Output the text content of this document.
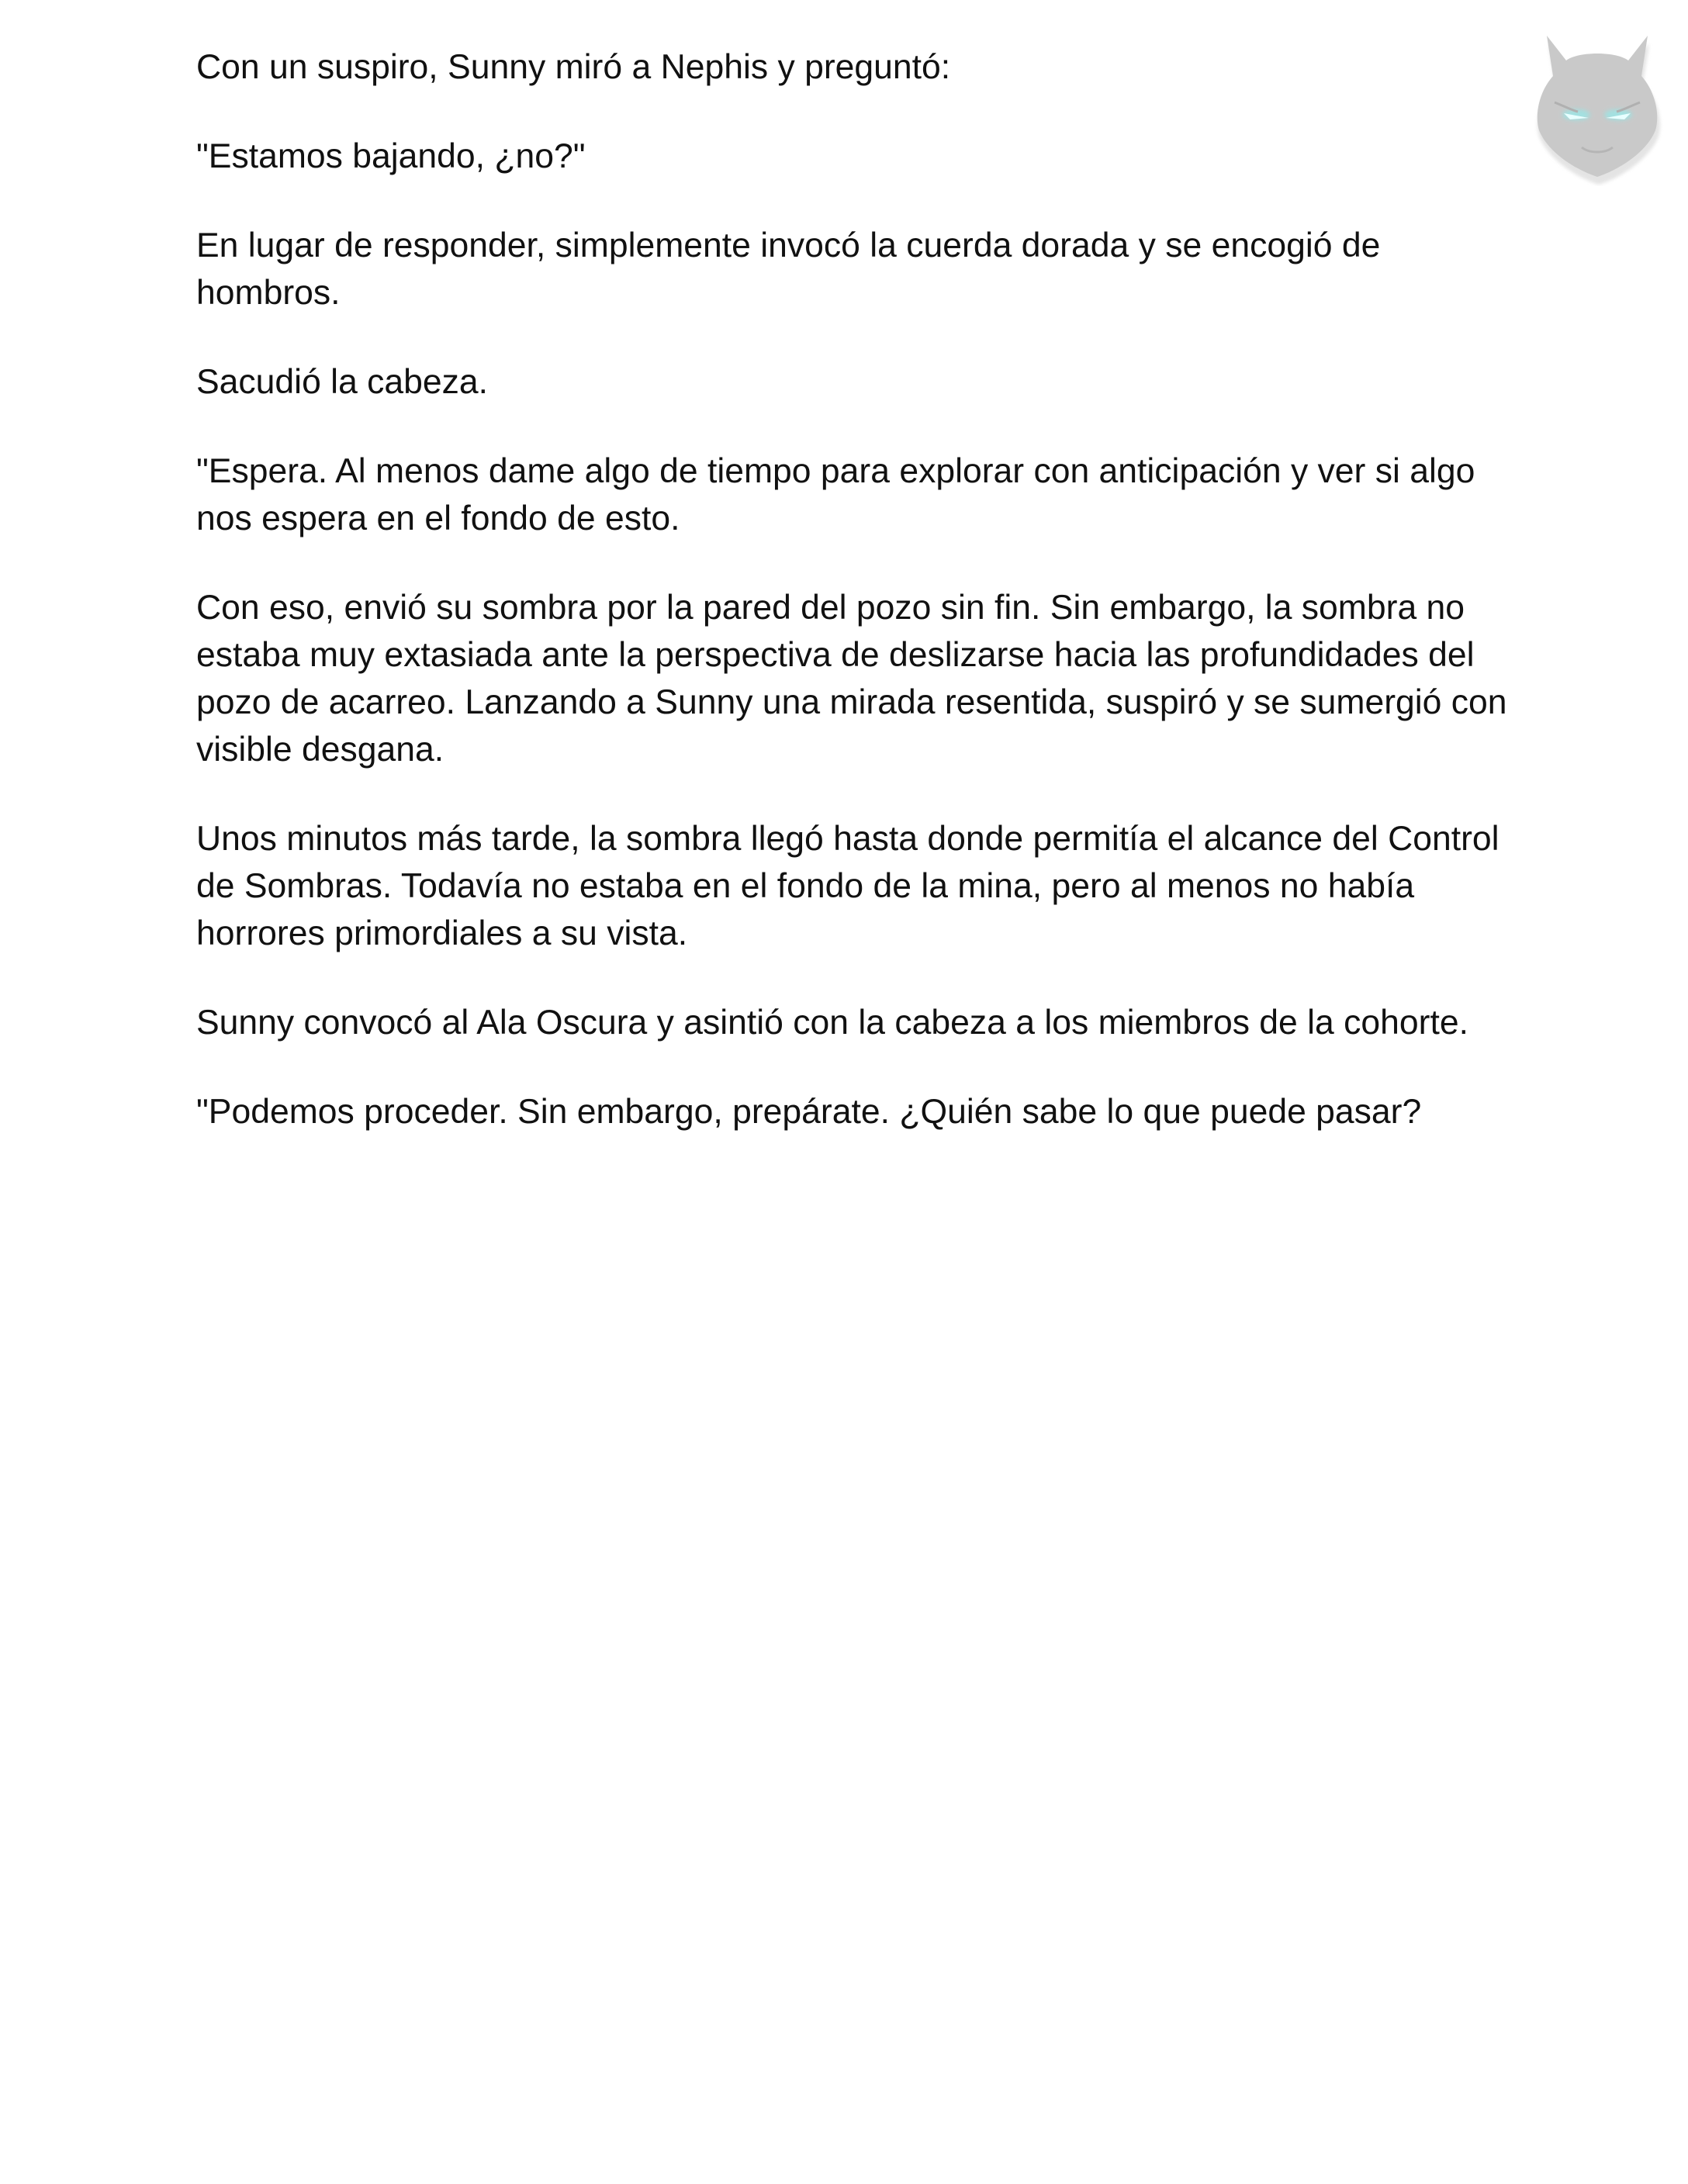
Con un suspiro, Sunny miró a Nephis y preguntó:

"Estamos bajando, ¿no?"

En lugar de responder, simplemente invocó la cuerda dorada y se encogió de hombros.

Sacudió la cabeza.

"Espera. Al menos dame algo de tiempo para explorar con anticipación y ver si algo nos espera en el fondo de esto.

Con eso, envió su sombra por la pared del pozo sin fin. Sin embargo, la sombra no estaba muy extasiada ante la perspectiva de deslizarse hacia las profundidades del pozo de acarreo. Lanzando a Sunny una mirada resentida, suspiró y se sumergió con visible desgana.

Unos minutos más tarde, la sombra llegó hasta donde permitía el alcance del Control de Sombras. Todavía no estaba en el fondo de la mina, pero al menos no había horrores primordiales a su vista.

Sunny convocó al Ala Oscura y asintió con la cabeza a los miembros de la cohorte.

"Podemos proceder. Sin embargo, prepárate. ¿Quién sabe lo que puede pasar?
